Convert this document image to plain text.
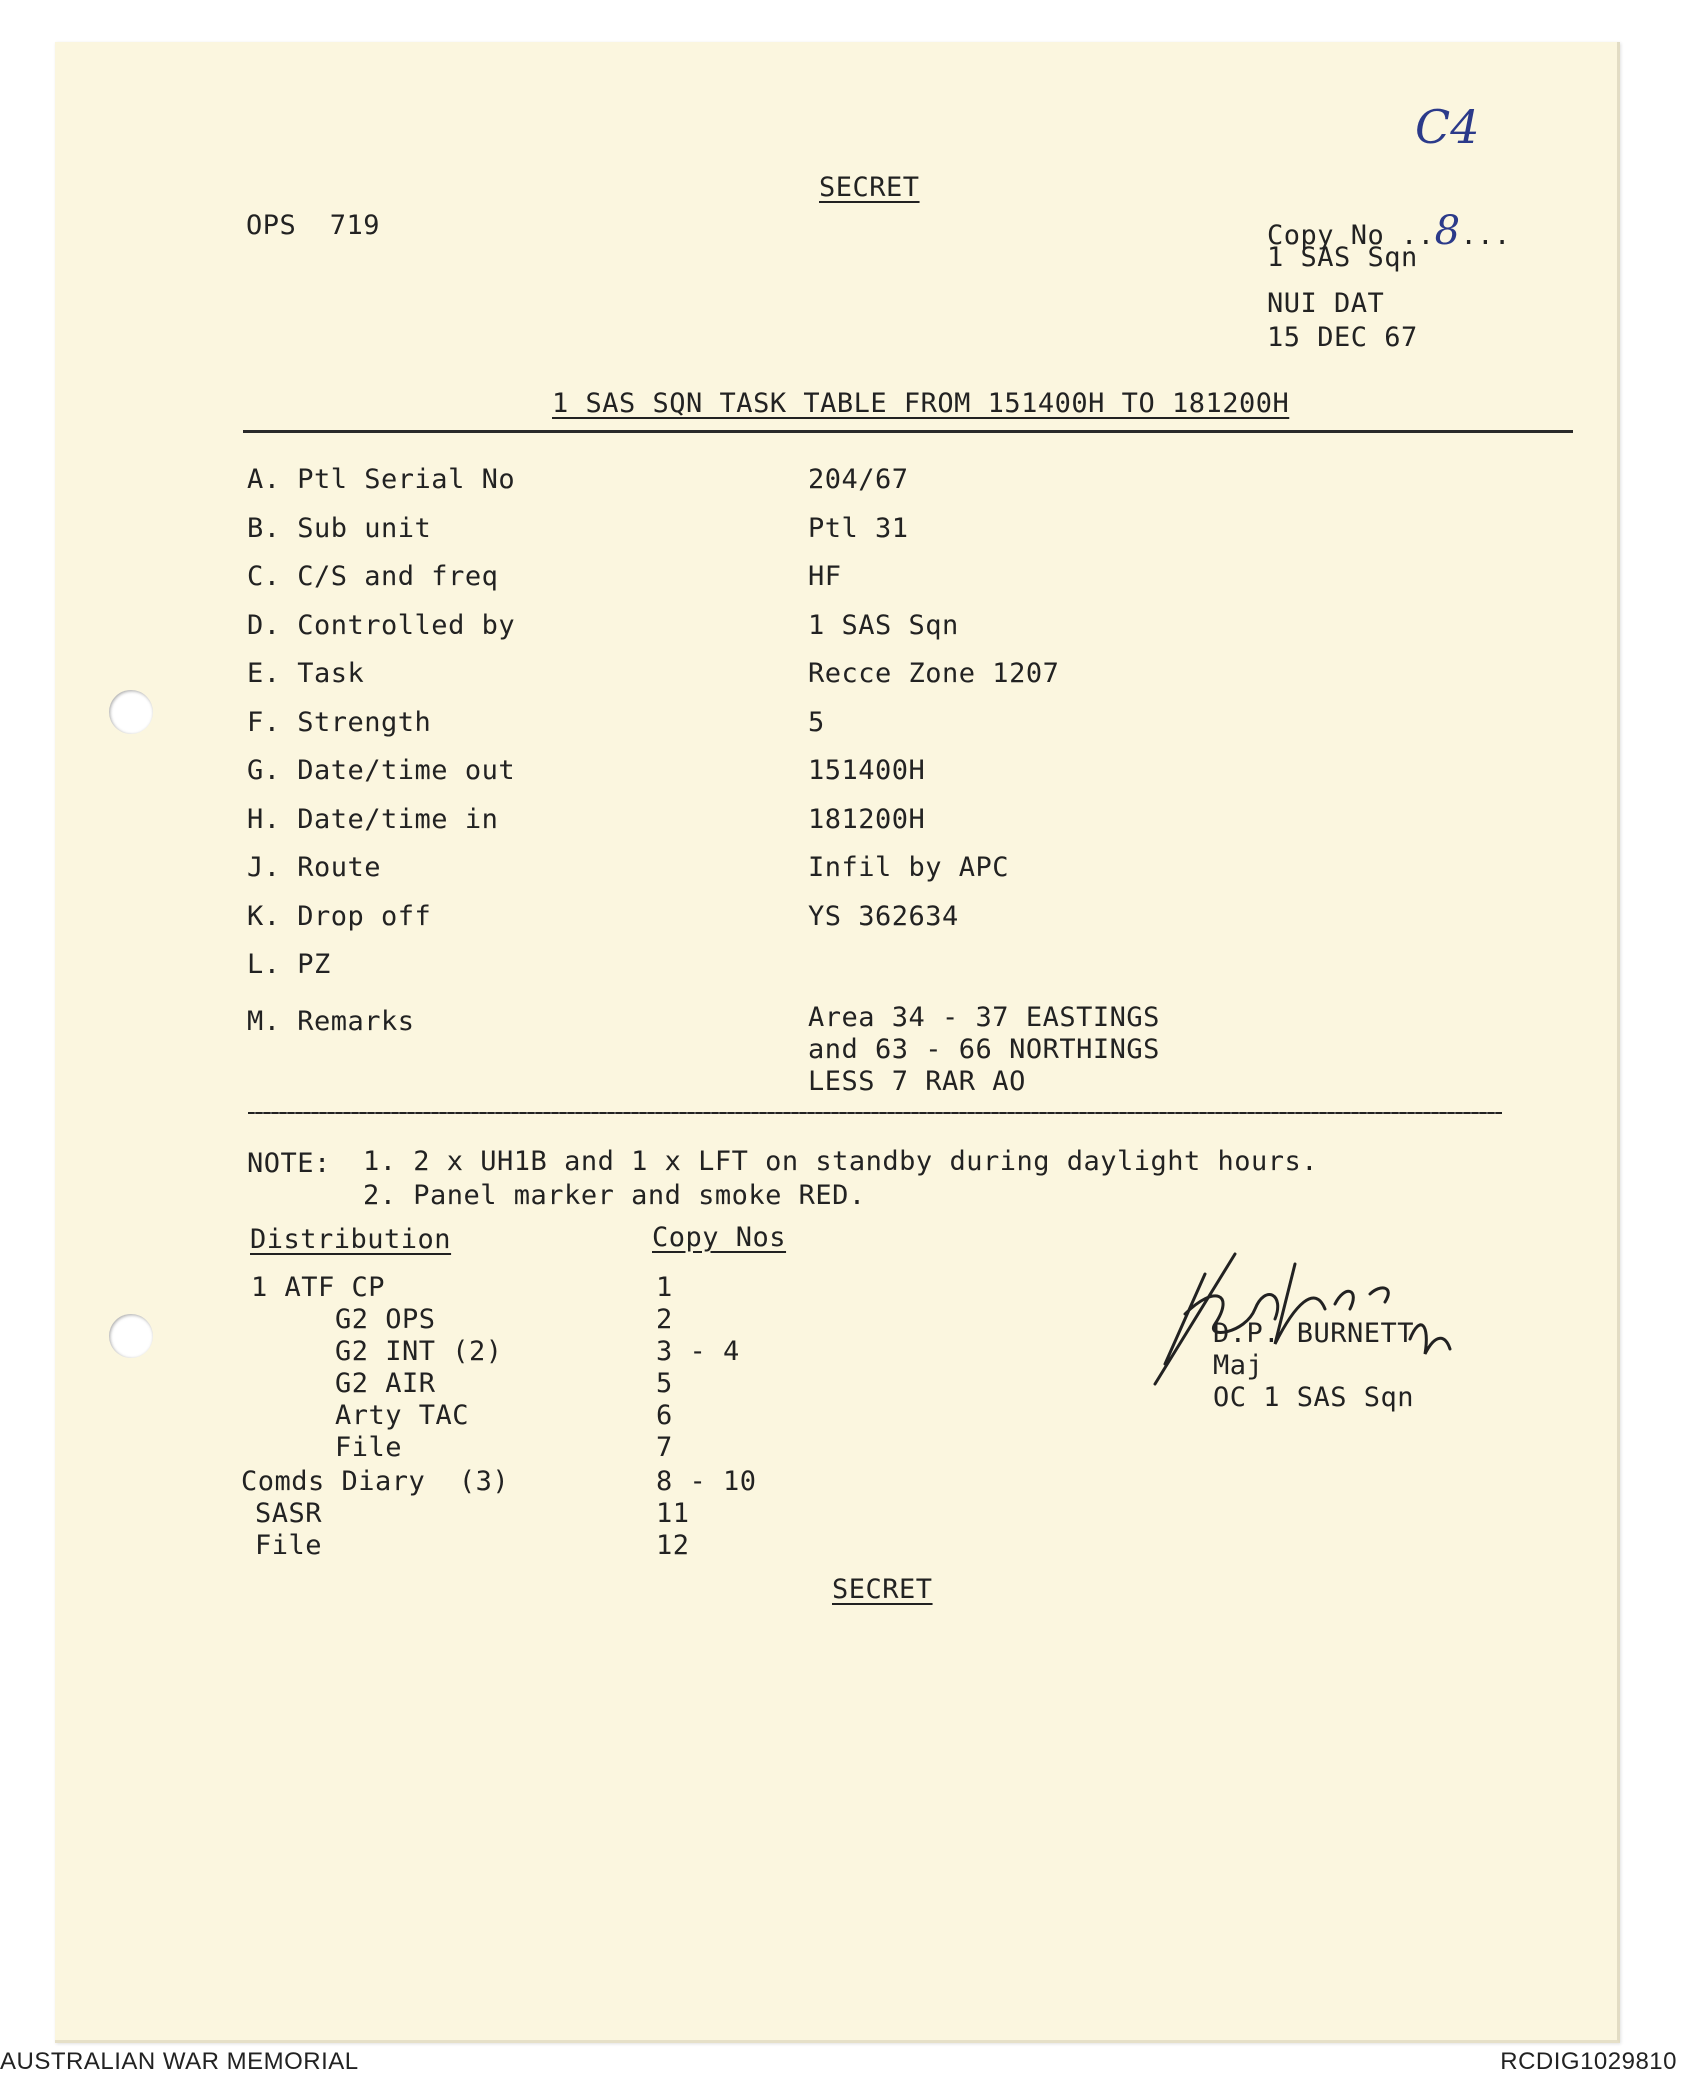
C4
SECRET
OPS  719	Copy No ..8...
1 SAS Sqn
NUI DAT
15 DEC 67
1 SAS SQN TASK TABLE FROM 151400H TO 181200H
A. Ptl Serial No	204/67
B. Sub unit	Ptl 31
C. C/S and freq	HF
D. Controlled by	1 SAS Sqn
E. Task	Recce Zone 1207
F. Strength	5
G. Date/time out	151400H
H. Date/time in	181200H
J. Route	Infil by APC
K. Drop off	YS 362634
L. PZ
M. Remarks	Area 34 - 37 EASTINGS
and 63 - 66 NORTHINGS
LESS 7 RAR AO
NOTE: 1. 2 x UH1B and 1 x LFT on standby during daylight hours.
2. Panel marker and smoke RED.
Distribution	Copy Nos
1 ATF CP	1
G2 OPS	2
G2 INT (2)	3 - 4
G2 AIR	5
Arty TAC	6
File	7
Comds Diary  (3)	8 - 10
SASR	11
File	12
D.P. BURNETT
Maj
OC 1 SAS Sqn
SECRET
AUSTRALIAN WAR MEMORIAL	RCDIG1029810
